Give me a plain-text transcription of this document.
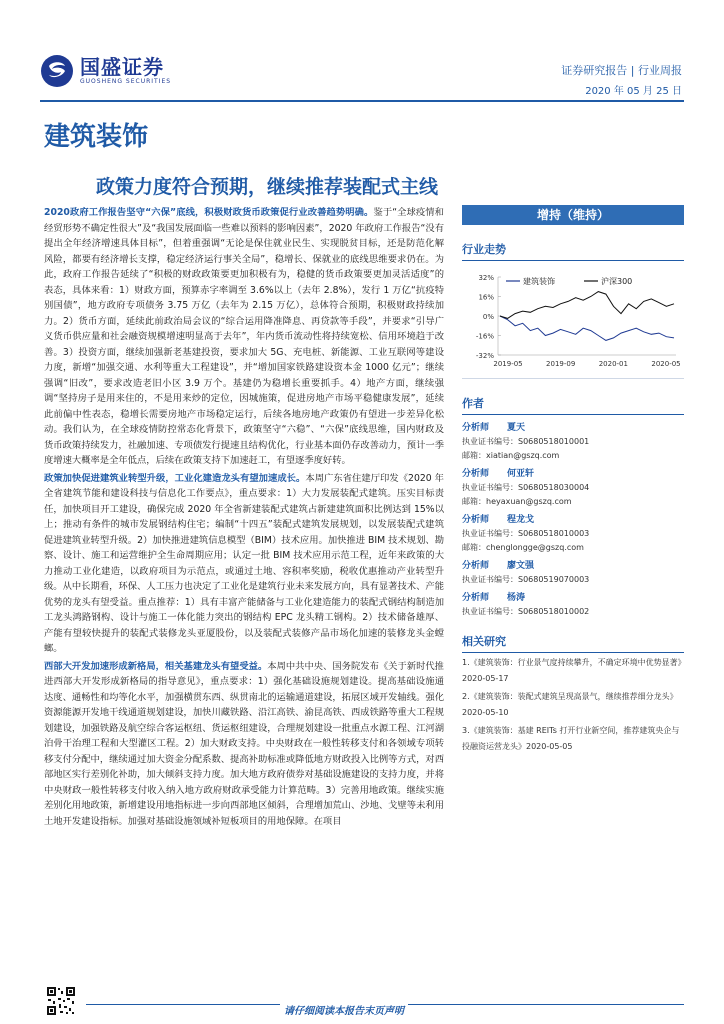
国盛证券
GUOSHENG SECURITIES
证券研究报告 | 行业周报
2020 年 05 月 25 日
建筑装饰
政策力度符合预期，继续推荐装配式主线

2020政府工作报告坚守“六保”底线，积极财政货币政策促行业改善趋势明确。鉴于“全球疫情和经贸形势不确定性很大”及“我国发展面临一些难以预料的影响因素”，2020 年政府工作报告“没有提出全年经济增速具体目标”，但着重强调“无论是保住就业民生、实现脱贫目标，还是防范化解风险，都要有经济增长支撑，稳定经济运行事关全局”，稳增长、保就业的底线思维要求仍在。为此，政府工作报告延续了“积极的财政政策要更加积极有为，稳健的货币政策要更加灵活适度”的表态，具体来看：1）财政方面，预算赤字率调至 3.6%以上（去年 2.8%），发行 1 万亿“抗疫特别国债”，地方政府专项债务 3.75 万亿（去年为 2.15 万亿），总体符合预期，积极财政持续加力。2）货币方面，延续此前政治局会议的“综合运用降准降息、再贷款等手段”，并要求“引导广义货币供应量和社会融资规模增速明显高于去年”，年内货币流动性将持续宽松、信用环境趋于改善。3）投资方面，继续加强新老基建投资，要求加大 5G、充电桩、新能源、工业互联网等建设力度，新增“加强交通、水利等重大工程建设”，并“增加国家铁路建设资本金 1000 亿元”；继续强调“旧改”，要求改造老旧小区 3.9 万个。基建仍为稳增长重要抓手。4）地产方面，继续强调“坚持房子是用来住的，不是用来炒的定位，因城施策，促进房地产市场平稳健康发展”，延续此前偏中性表态，稳增长需要房地产市场稳定运行，后续各地房地产政策仍有望进一步差异化松动。我们认为，在全球疫情防控常态化背景下，政策坚守“六稳”、“六保”底线思维，国内财政及货币政策持续发力，社融加速、专项债发行提速且结构优化，行业基本面仍存改善动力，预计一季度增速大概率是全年低点，后续在政策支持下加速赶工，有望逐季度好转。

政策加快促进建筑业转型升级，工业化建造龙头有望加速成长。本周广东省住建厅印发《2020 年全省建筑节能和建设科技与信息化工作要点》，重点要求：1）大力发展装配式建筑。压实目标责任，加快项目开工建设，确保完成 2020 年全省新建装配式建筑占新建建筑面积比例达到 15%以上；推动有条件的城市发展钢结构住宅；编制“十四五”装配式建筑发展规划，以发展装配式建筑促进建筑业转型升级。2）加快推进建筑信息模型（BIM）技术应用。加快推进 BIM 技术规划、勘察、设计、施工和运营维护全生命周期应用；认定一批 BIM 技术应用示范工程，近年来政策的大力推动工业化建造，以政府项目为示范点，或通过土地、容积率奖励，税收优惠推动产业转型升级。从中长期看，环保、人工压力也决定了工业化是建筑行业未来发展方向，具有显著技术、产能优势的龙头有望受益。重点推荐：1）具有丰富产能储备与工业化建造能力的装配式钢结构制造加工龙头鸿路钢构、设计与施工一体化能力突出的钢结构 EPC 龙头精工钢构。2）技术储备雄厚、产能有望较快提升的装配式装修龙头亚厦股份，以及装配式装修产品市场化加速的装修龙头金螳螂。

西部大开发加速形成新格局，相关基建龙头有望受益。本周中共中央、国务院发布《关于新时代推进西部大开发形成新格局的指导意见》，重点要求：1）强化基础设施规划建设。提高基础设施通达度、通畅性和均等化水平，加强横贯东西、纵贯南北的运输通道建设，拓展区域开发轴线。强化资源能源开发地干线通道规划建设，加快川藏铁路、沿江高铁、渝昆高铁、西成铁路等重大工程规划建设，加强铁路及航空综合客运枢纽、货运枢纽建设，合理规划建设一批重点水源工程、江河湖泊骨干治理工程和大型灌区工程。2）加大财政支持。中央财政在一般性转移支付和各领域专项转移支付分配中，继续通过加大资金分配系数、提高补助标准或降低地方财政投入比例等方式，对西部地区实行差别化补助，加大倾斜支持力度。加大地方政府债券对基础设施建设的支持力度，并将中央财政一般性转移支付收入纳入地方政府财政承受能力计算范畴。3）完善用地政策。继续实施差别化用地政策，新增建设用地指标进一步向西部地区倾斜，合理增加荒山、沙地、戈壁等未利用土地开发建设指标。加强对基础设施领域补短板项目的用地保障。在项目

增持（维持）
行业走势
32%
16%
0%
-16%
-32%
2019-05	2019-09	2020-01	2020-05
建筑装饰	沪深300
作者
分析师 夏天
执业证书编号：S0680518010001
邮箱：xiatian@gszq.com
分析师 何亚轩
执业证书编号：S0680518030004
邮箱：heyaxuan@gszq.com
分析师 程龙戈
执业证书编号：S0680518010003
邮箱：chenglongge@gszq.com
分析师 廖文强
执业证书编号：S0680519070003
分析师 杨涛
执业证书编号：S0680518010002
相关研究
1.《建筑装饰：行业景气度持续攀升，不确定环境中优势显著》2020-05-17
2.《建筑装饰：装配式建筑呈现高景气，继续推荐细分龙头》2020-05-10
3.《建筑装饰：基建 REITs 打开行业新空间，推荐建筑央企与投融资运营龙头》2020-05-05
请仔细阅读本报告末页声明
